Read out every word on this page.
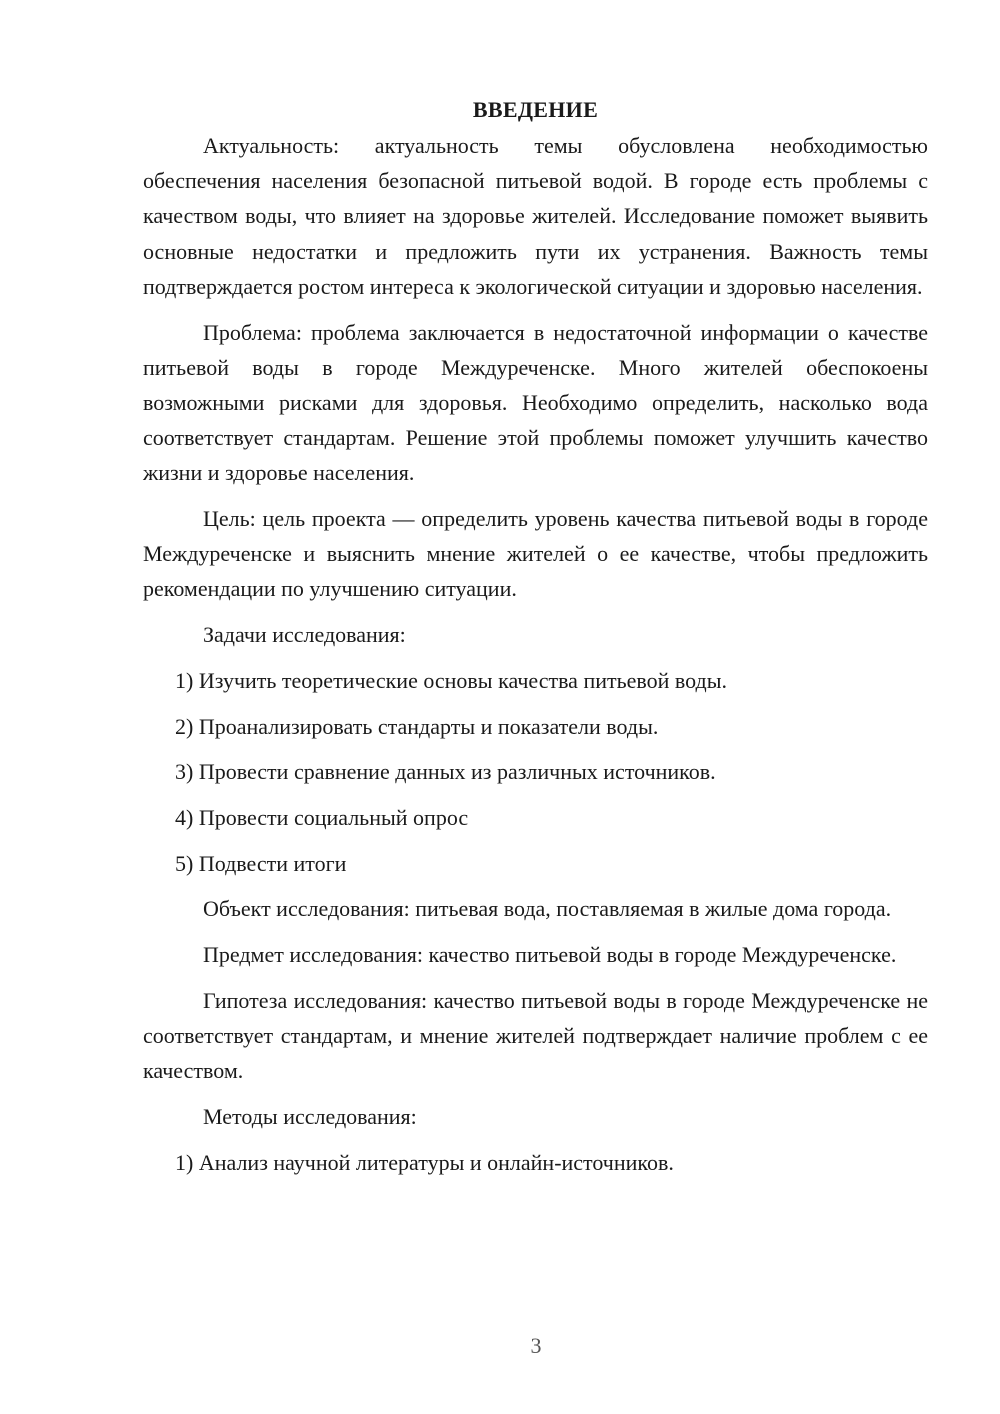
ВВЕДЕНИЕ

Актуальность: актуальность темы обусловлена необходимостью обеспечения населения безопасной питьевой водой. В городе есть проблемы с качеством воды, что влияет на здоровье жителей. Исследование поможет выявить основные недостатки и предложить пути их устранения. Важность темы подтверждается ростом интереса к экологической ситуации и здоровью населения.

Проблема: проблема заключается в недостаточной информации о качестве питьевой воды в городе Междуреченске. Много жителей обеспокоены возможными рисками для здоровья. Необходимо определить, насколько вода соответствует стандартам. Решение этой проблемы поможет улучшить качество жизни и здоровье населения.

Цель: цель проекта — определить уровень качества питьевой воды в городе Междуреченске и выяснить мнение жителей о ее качестве, чтобы предложить рекомендации по улучшению ситуации.

Задачи исследования:

1) Изучить теоретические основы качества питьевой воды.
2) Проанализировать стандарты и показатели воды.
3) Провести сравнение данных из различных источников.
4) Провести социальный опрос
5) Подвести итоги

Объект исследования: питьевая вода, поставляемая в жилые дома города.

Предмет исследования: качество питьевой воды в городе Междуреченске.

Гипотеза исследования: качество питьевой воды в городе Междуреченске не соответствует стандартам, и мнение жителей подтверждает наличие проблем с ее качеством.

Методы исследования:

1) Анализ научной литературы и онлайн-источников.
3
